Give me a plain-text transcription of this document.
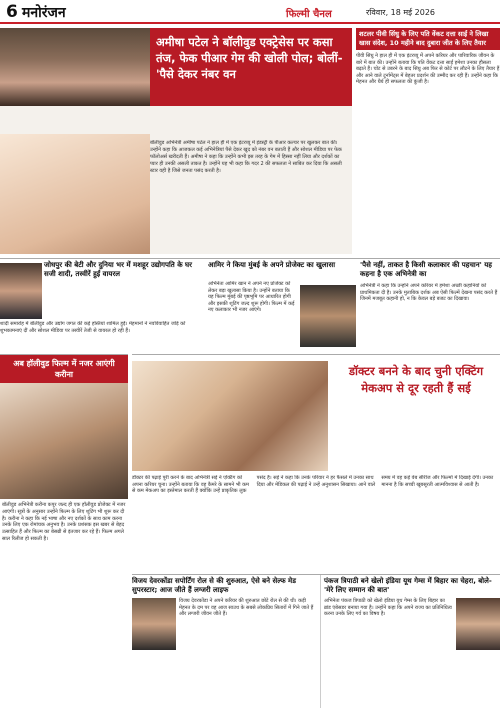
6 मनोरंजन	फिल्मी चैनल	रविवार, 18 मई 2026
बॉलीवुड अभिनेत्री अमीषा पटेल ने हाल ही में एक इंटरव्यू में इंडस्ट्री के पीआर कल्चर पर खुलकर बात की। उन्होंने कहा कि आजकल कई अभिनेत्रियां पैसे देकर खुद को नंबर वन बताती हैं और सोशल मीडिया पर फेक फॉलोअर्स खरीदती हैं। अमीषा ने कहा कि उन्होंने कभी इस तरह के गेम में हिस्सा नहीं लिया और दर्शकों का प्यार ही उनकी असली ताकत है। उन्होंने यह भी कहा कि गदर 2 की सफलता ने साबित कर दिया कि असली स्टार वही है जिसे जनता पसंद करती है।
अमीषा पटेल ने बॉलीवुड एक्ट्रेसेस पर कसा तंज, फेक पीआर गेम की खोली पोल; बोलीं- 'पैसे देकर नंबर वन
शटलर पीवी सिंधु के लिए पति वेंकट दत्ता साईं ने लिखा खास संदेश, 10 महीने बाद दुबारा जीत के लिए तैयार
पीवी सिंधु ने हाल ही में एक इंटरव्यू में अपने करियर और पारिवारिक जीवन के बारे में बात की। उन्होंने बताया कि पति वेंकट दत्ता साईं हमेशा उनका हौसला बढ़ाते हैं। चोट से उबरने के बाद सिंधु अब फिर से कोर्ट पर लौटने के लिए तैयार हैं और आने वाले टूर्नामेंट्स में बेहतर प्रदर्शन की उम्मीद कर रही हैं। उन्होंने कहा कि मेहनत और धैर्य ही सफलता की कुंजी है।
जोधपुर की बेटी और दुनिया भर में मशहूर उद्योगपति के घर सजी शादी, तस्वीरें हुईं वायरल
शादी समारोह में बॉलीवुड और उद्योग जगत की कई हस्तियां शामिल हुईं। मेहमानों ने नवविवाहित जोड़े को शुभकामनाएं दीं और सोशल मीडिया पर तस्वीरें तेजी से वायरल हो रही हैं।
आमिर ने किया मुंबई के अपने प्रोजेक्ट का खुलासा
अभिनेता आमिर खान ने अपने नए प्रोजेक्ट को लेकर बड़ा खुलासा किया है। उन्होंने बताया कि यह फिल्म मुंबई की पृष्ठभूमि पर आधारित होगी और इसकी शूटिंग जल्द शुरू होगी। फिल्म में कई नए कलाकार भी नजर आएंगे।
'पैसे नहीं, ताकत है किसी कलाकार की पहचान' यह कहना है एक अभिनेत्री का
अभिनेत्री ने कहा कि उन्होंने अपने करियर में हमेशा अच्छी कहानियों को प्राथमिकता दी है। उनके मुताबिक दर्शक अब ऐसी फिल्में देखना पसंद करते हैं जिनमें मजबूत कहानी हो, न कि केवल बड़े बजट का दिखावा।
अब हॉलीवुड फिल्म में नजर आएंगी करीना
बॉलीवुड अभिनेत्री करीना कपूर जल्द ही एक हॉलीवुड प्रोजेक्ट में नजर आएंगी। सूत्रों के अनुसार उन्होंने फिल्म के लिए शूटिंग भी शुरू कर दी है। करीना ने कहा कि नई भाषा और नए दर्शकों के साथ काम करना उनके लिए एक रोमांचक अनुभव है। उनके प्रशंसक इस खबर से बेहद उत्साहित हैं और फिल्म का बेसब्री से इंतजार कर रहे हैं। फिल्म अगले साल रिलीज हो सकती है।
डॉक्टर बनने के बाद चुनी एक्टिंग मेकअप से दूर रहती हैं सई
डॉक्टर की पढ़ाई पूरी करने के बाद अभिनेत्री सई ने एक्टिंग को अपना करियर चुना। उन्होंने बताया कि वह कैमरे के सामने भी कम से कम मेकअप का इस्तेमाल करती हैं क्योंकि उन्हें प्राकृतिक लुक पसंद है। सई ने कहा कि उनके परिवार ने हर फैसले में उनका साथ दिया और मेडिकल की पढ़ाई ने उन्हें अनुशासन सिखाया। आने वाले समय में वह कई वेब सीरीज और फिल्मों में दिखाई देंगी। उनका मानना है कि सच्ची खूबसूरती आत्मविश्वास से आती है।
विजय देवरकोंडा सपोर्टिंग रोल से की शुरुआत, ऐसे बने सेल्फ मेड सुपरस्टार; आज जीते हैं लग्जरी लाइफ
विजय देवरकोंडा ने अपने करियर की शुरुआत छोटे रोल से की थी। कड़ी मेहनत के दम पर वह आज साउथ के सबसे लोकप्रिय सितारों में गिने जाते हैं और लग्जरी जीवन जीते हैं।
पंकज त्रिपाठी बने खेलो इंडिया यूथ गेम्स में बिहार का चेहरा, बोले- 'मेरे लिए सम्मान की बात'
अभिनेता पंकज त्रिपाठी को खेलो इंडिया यूथ गेम्स के लिए बिहार का ब्रांड एंबेसडर बनाया गया है। उन्होंने कहा कि अपने राज्य का प्रतिनिधित्व करना उनके लिए गर्व का विषय है।
